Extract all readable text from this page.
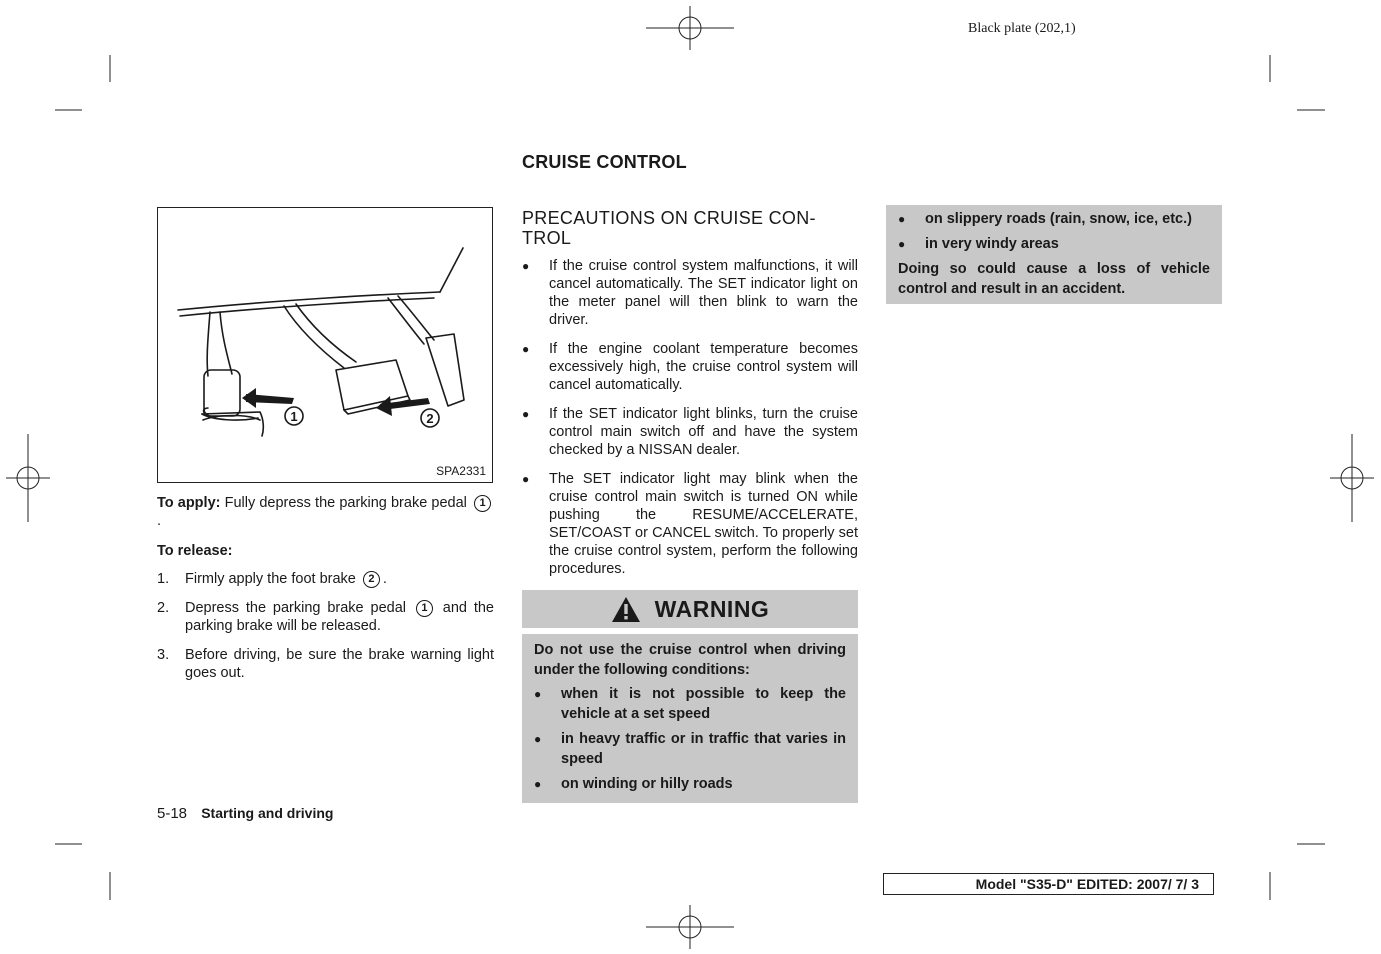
Black plate (202,1)
CRUISE CONTROL
1	2
SPA2331

To apply: Fully depress the parking brake pedal 1.

To release:

1. Firmly apply the foot brake 2 .
2. Depress the parking brake pedal 1 and the parking brake will be released.
3. Before driving, be sure the brake warning light goes out.
PRECAUTIONS ON CRUISE CON-
TROL
● If the cruise control system malfunctions, it will cancel automatically. The SET indicator light on the meter panel will then blink to warn the driver.
● If the engine coolant temperature becomes excessively high, the cruise control system will cancel automatically.
● If the SET indicator light blinks, turn the cruise control main switch off and have the system checked by a NISSAN dealer.
● The SET indicator light may blink when the cruise control main switch is turned ON while pushing the RESUME/ACCELERATE, SET/COAST or CANCEL switch. To properly set the cruise control system, perform the following procedures.
WARNING

Do not use the cruise control when driving under the following conditions:

● when it is not possible to keep the vehicle at a set speed
● in heavy traffic or in traffic that varies in speed
● on winding or hilly roads
● on slippery roads (rain, snow, ice, etc.)
● in very windy areas

Doing so could cause a loss of vehicle control and result in an accident.

5-18 Starting and driving
Model "S35-D" EDITED: 2007/ 7/ 3
